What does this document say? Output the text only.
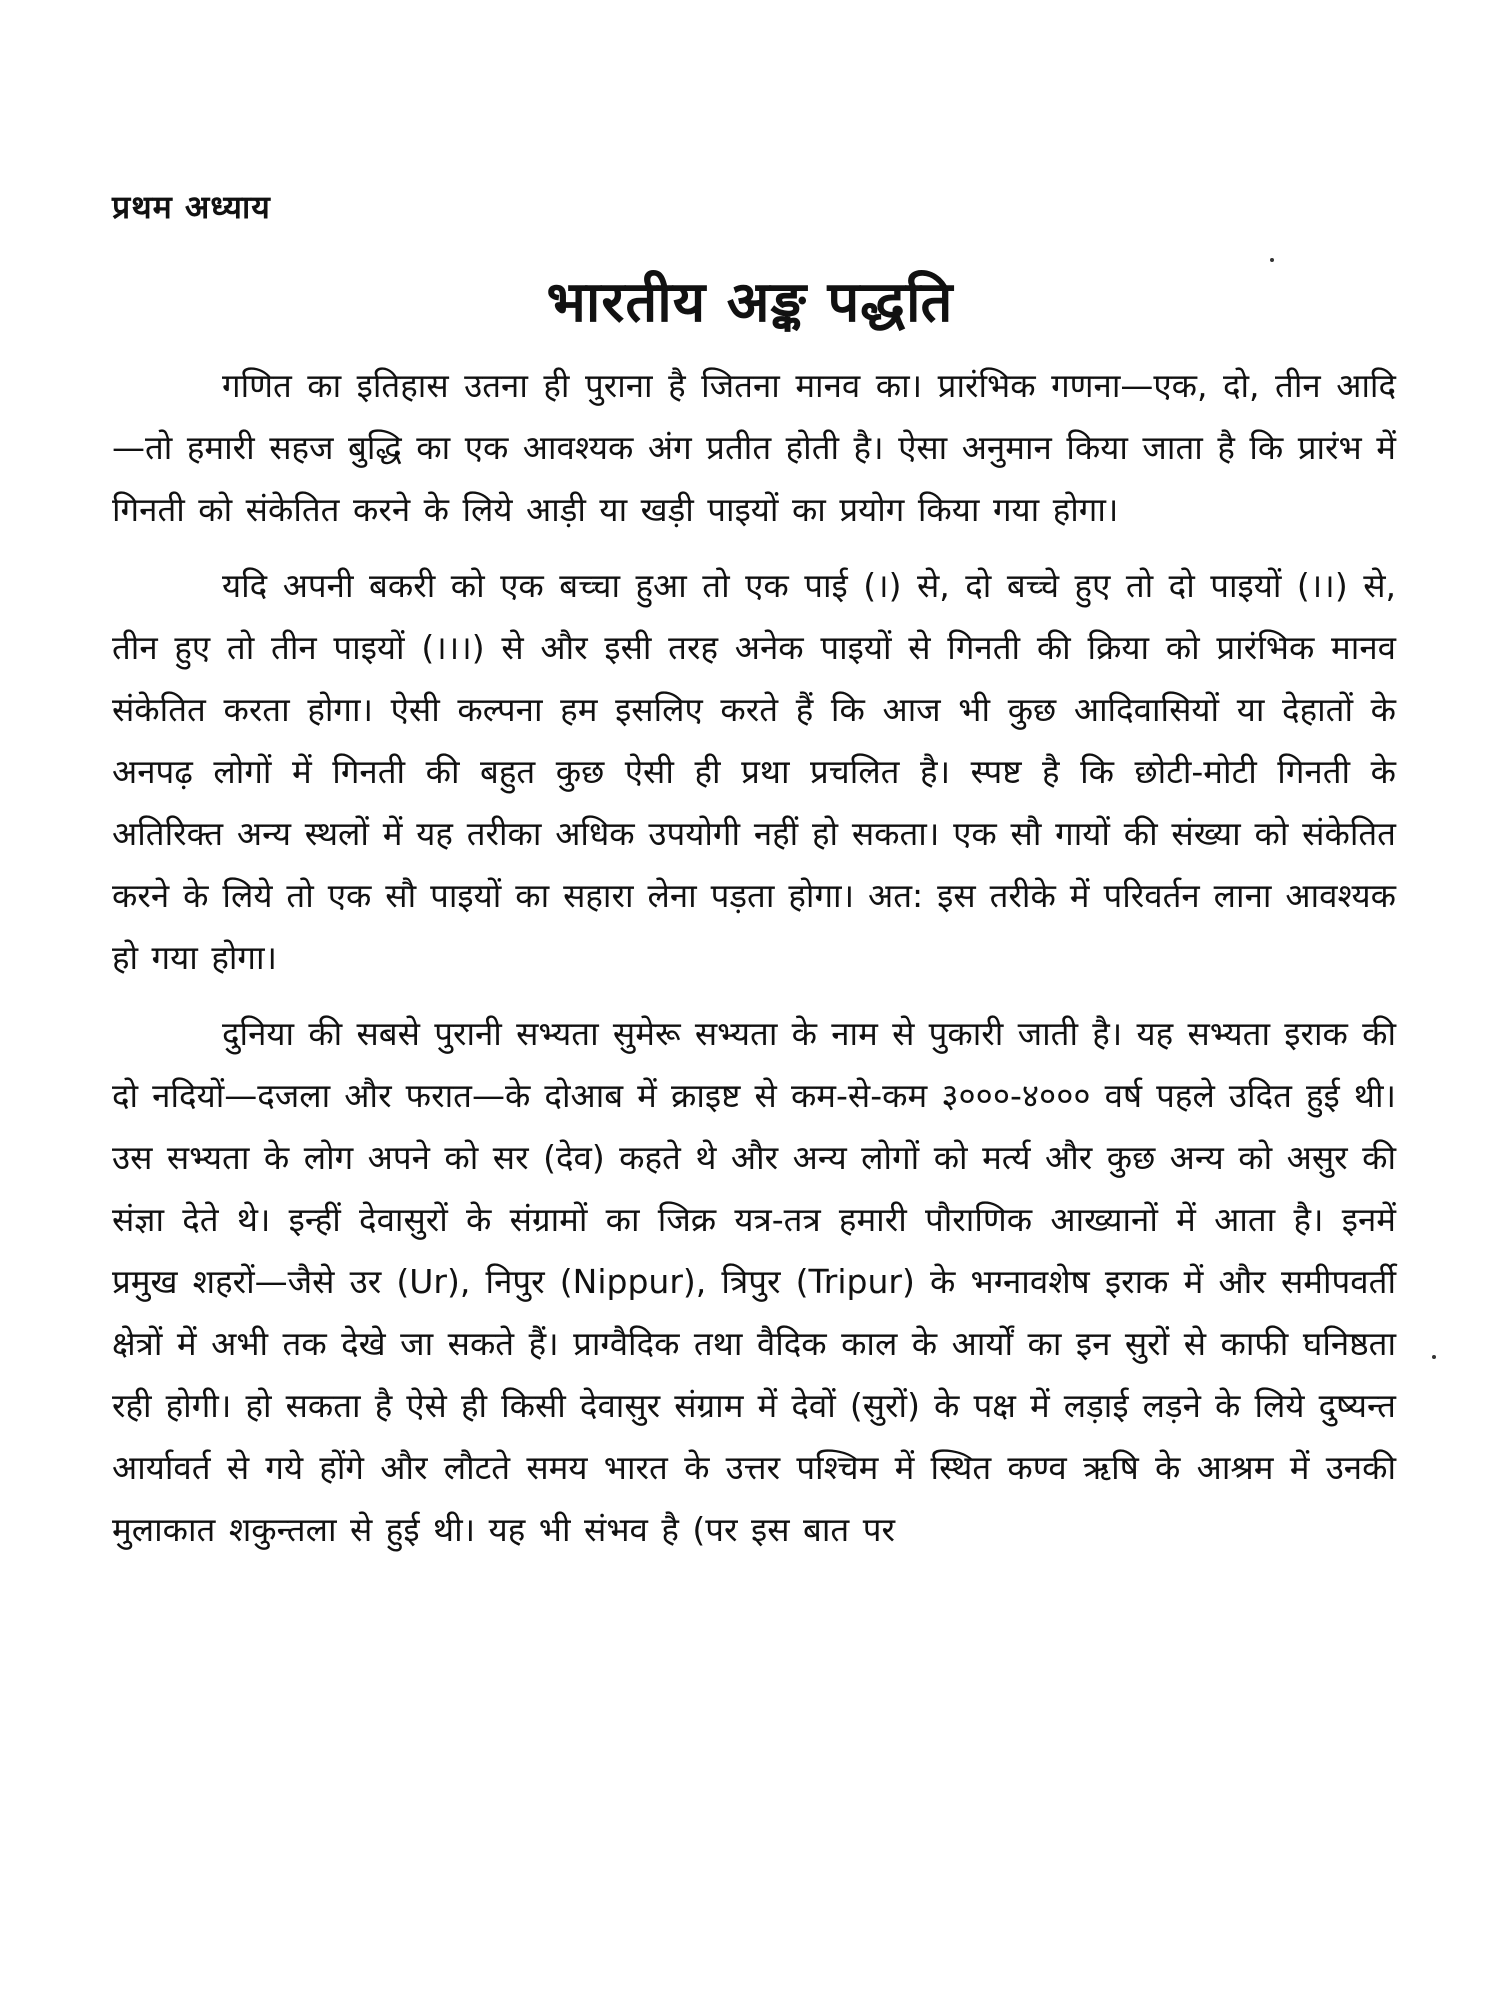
प्रथम अध्याय
भारतीय अङ्क पद्धति

गणित का इतिहास उतना ही पुराना है जितना मानव का। प्रारंभिक गणना—एक, दो, तीन आदि—तो हमारी सहज बुद्धि का एक आवश्यक अंग प्रतीत होती है। ऐसा अनुमान किया जाता है कि प्रारंभ में गिनती को संकेतित करने के लिये आड़ी या खड़ी पाइयों का प्रयोग किया गया होगा।

यदि अपनी बकरी को एक बच्चा हुआ तो एक पाई (।) से, दो बच्चे हुए तो दो पाइयों (।।) से, तीन हुए तो तीन पाइयों (।।।) से और इसी तरह अनेक पाइयों से गिनती की क्रिया को प्रारंभिक मानव संकेतित करता होगा। ऐसी कल्पना हम इसलिए करते हैं कि आज भी कुछ आदिवासियों या देहातों के अनपढ़ लोगों में गिनती की बहुत कुछ ऐसी ही प्रथा प्रचलित है। स्पष्ट है कि छोटी-मोटी गिनती के अतिरिक्त अन्य स्थलों में यह तरीका अधिक उपयोगी नहीं हो सकता। एक सौ गायों की संख्या को संकेतित करने के लिये तो एक सौ पाइयों का सहारा लेना पड़ता होगा। अत: इस तरीके में परिवर्तन लाना आवश्यक हो गया होगा।

दुनिया की सबसे पुरानी सभ्यता सुमेरू सभ्यता के नाम से पुकारी जाती है। यह सभ्यता इराक की दो नदियों—दजला और फरात—के दोआब में क्राइष्ट से कम-से-कम ३०००-४००० वर्ष पहले उदित हुई थी। उस सभ्यता के लोग अपने को सर (देव) कहते थे और अन्य लोगों को मर्त्य और कुछ अन्य को असुर की संज्ञा देते थे। इन्हीं देवासुरों के संग्रामों का जिक्र यत्र-तत्र हमारी पौराणिक आख्यानों में आता है। इनमें प्रमुख शहरों—जैसे उर (Ur), निपुर (Nippur), त्रिपुर (Tripur) के भग्नावशेष इराक में और समीपवर्ती क्षेत्रों में अभी तक देखे जा सकते हैं। प्राग्वैदिक तथा वैदिक काल के आर्यों का इन सुरों से काफी घनिष्ठता रही होगी। हो सकता है ऐसे ही किसी देवासुर संग्राम में देवों (सुरों) के पक्ष में लड़ाई लड़ने के लिये दुष्यन्त आर्यावर्त से गये होंगे और लौटते समय भारत के उत्तर पश्चिम में स्थित कण्व ऋषि के आश्रम में उनकी मुलाकात शकुन्तला से हुई थी। यह भी संभव है (पर इस बात पर
